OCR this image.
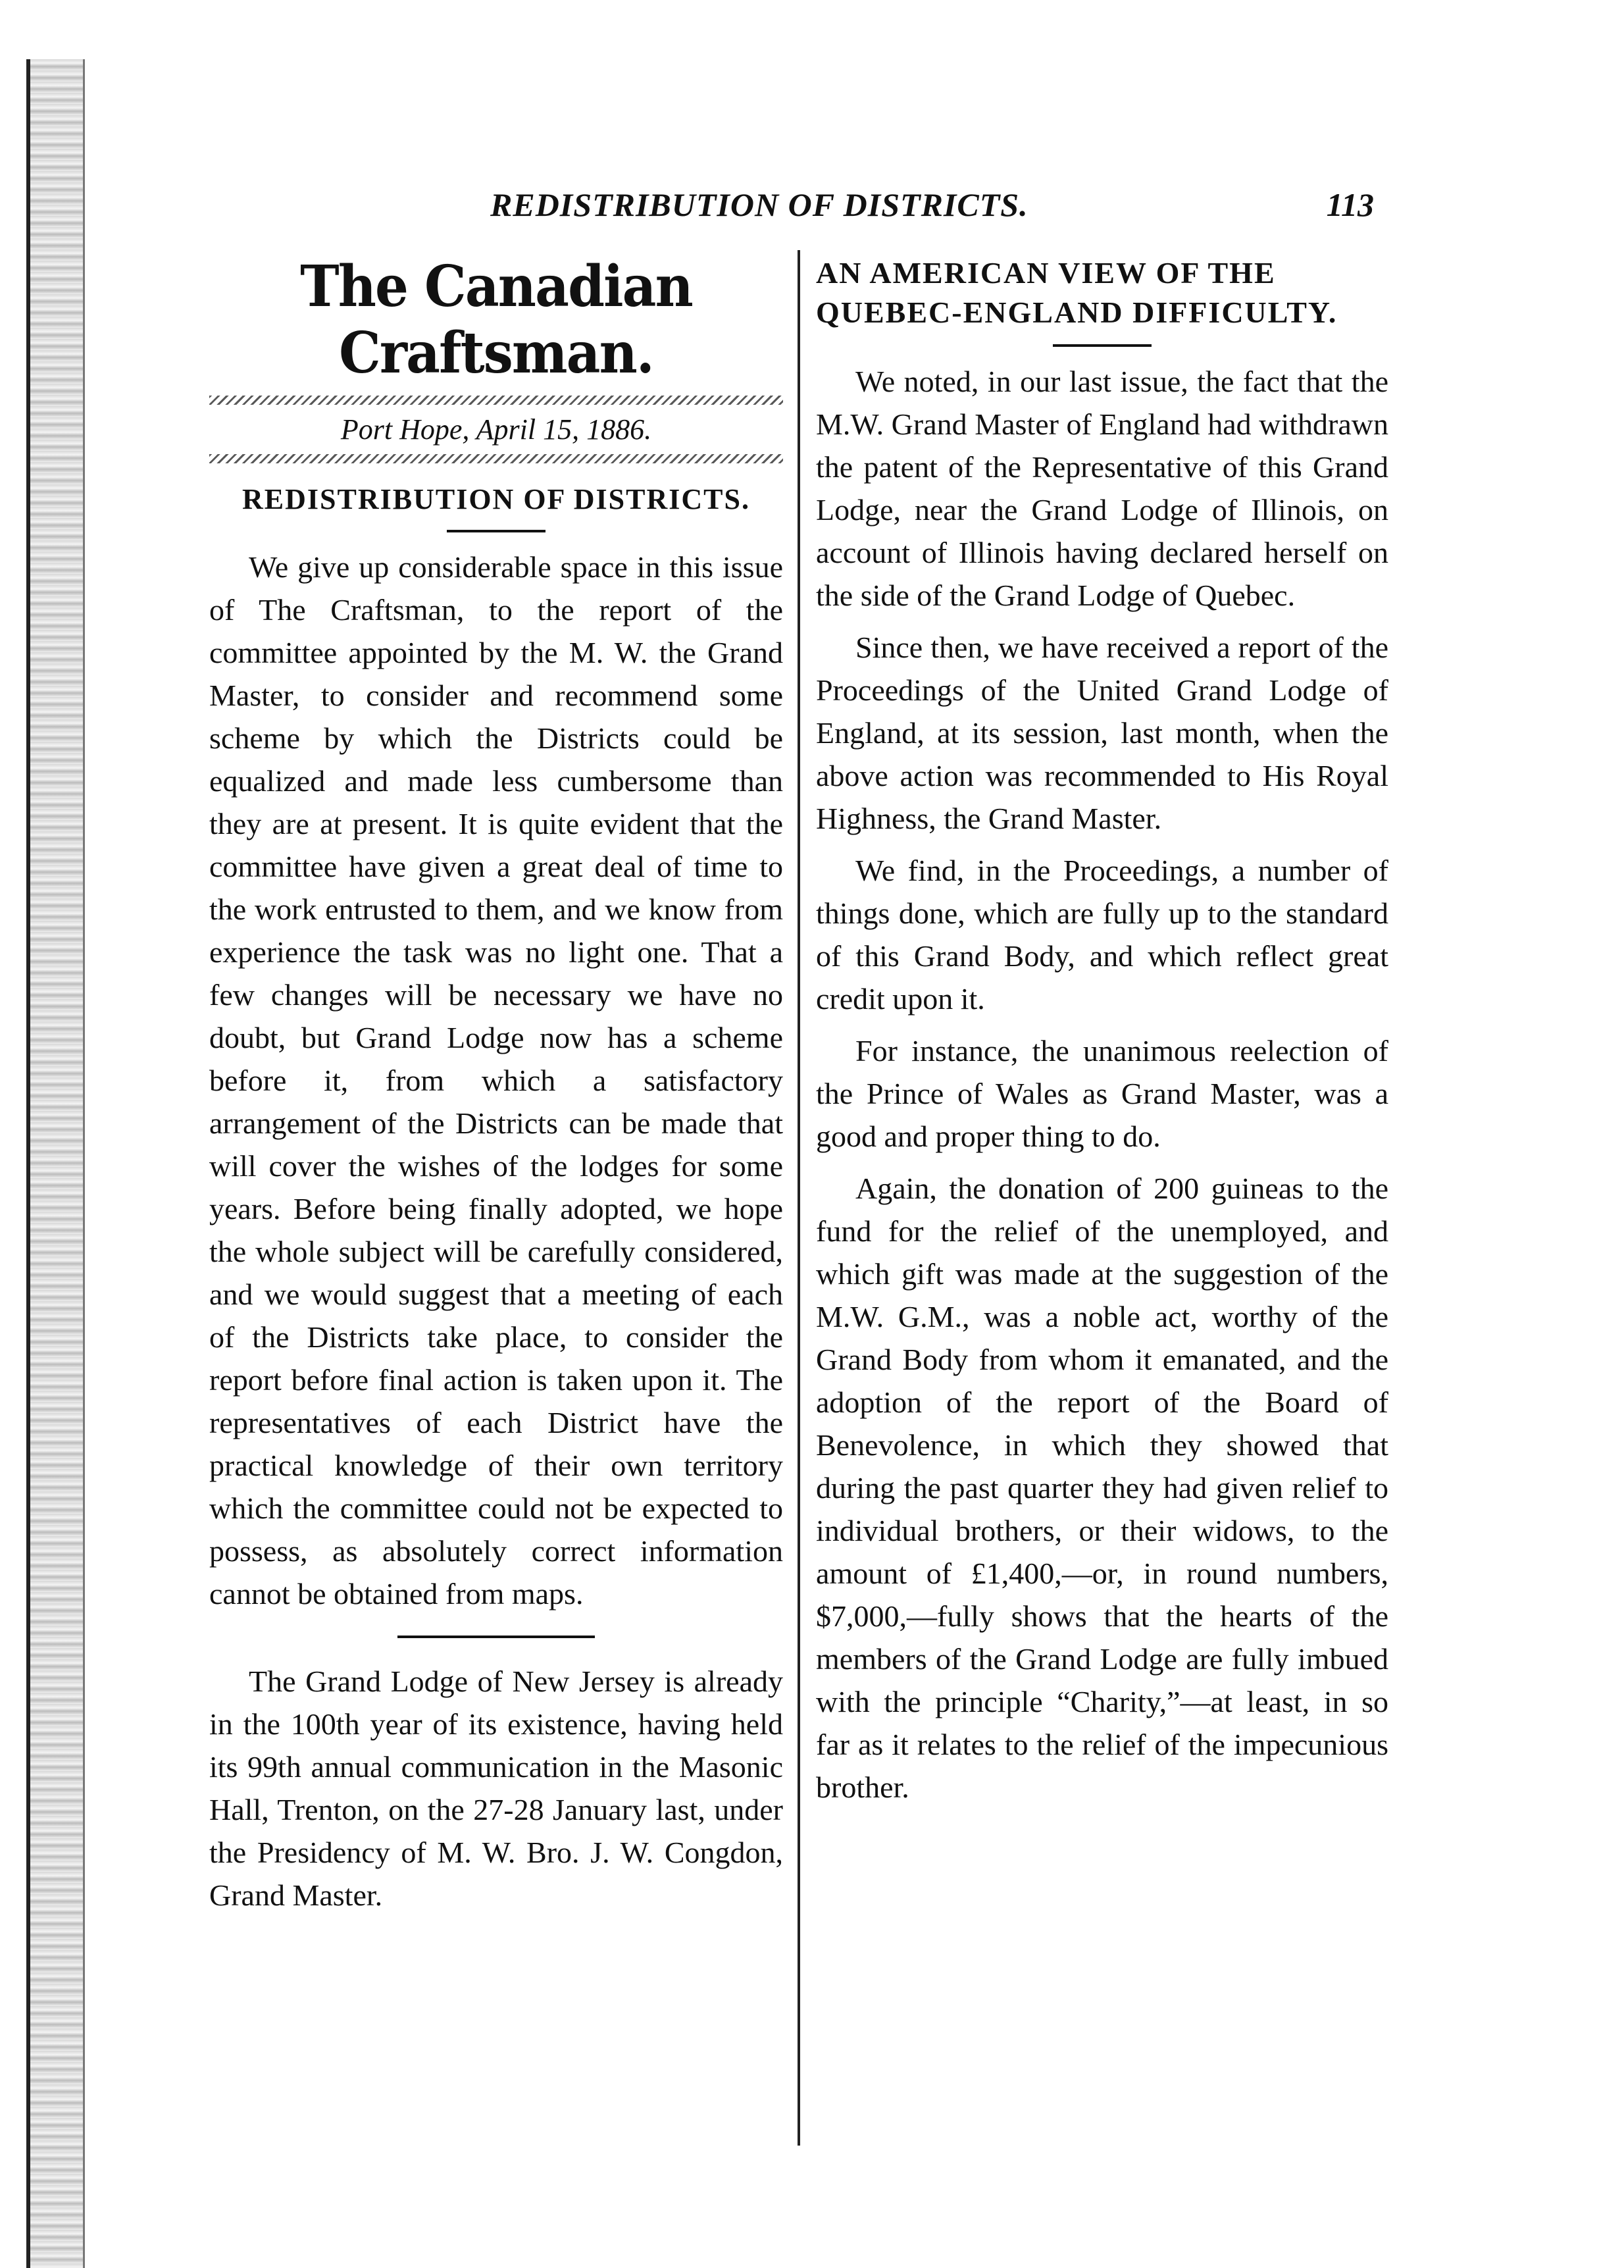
REDISTRIBUTION OF DISTRICTS.	113
The Canadian Craftsman.
Port Hope, April 15, 1886.
REDISTRIBUTION OF DISTRICTS.

We give up considerable space in this issue of The Craftsman, to the report of the committee appointed by the M. W. the Grand Master, to consider and recommend some scheme by which the Districts could be equalized and made less cumbersome than they are at present. It is quite evident that the committee have given a great deal of time to the work entrusted to them, and we know from experience the task was no light one. That a few changes will be necessary we have no doubt, but Grand Lodge now has a scheme before it, from which a satisfactory arrangement of the Districts can be made that will cover the wishes of the lodges for some years. Before being finally adopted, we hope the whole subject will be carefully considered, and we would suggest that a meeting of each of the Districts take place, to consider the report before final action is taken upon it. The representatives of each District have the practical knowledge of their own territory which the committee could not be expected to possess, as absolutely correct information cannot be obtained from maps.

The Grand Lodge of New Jersey is already in the 100th year of its existence, having held its 99th annual communication in the Masonic Hall, Trenton, on the 27-28 January last, under the Presidency of M. W. Bro. J. W. Congdon, Grand Master.

AN AMERICAN VIEW OF THE QUEBEC-ENGLAND DIFFICULTY.

We noted, in our last issue, the fact that the M.W. Grand Master of England had withdrawn the patent of the Representative of this Grand Lodge, near the Grand Lodge of Illinois, on account of Illinois having declared herself on the side of the Grand Lodge of Quebec.

Since then, we have received a report of the Proceedings of the United Grand Lodge of England, at its session, last month, when the above action was recommended to His Royal Highness, the Grand Master.

We find, in the Proceedings, a number of things done, which are fully up to the standard of this Grand Body, and which reflect great credit upon it.

For instance, the unanimous reelection of the Prince of Wales as Grand Master, was a good and proper thing to do.

Again, the donation of 200 guineas to the fund for the relief of the unemployed, and which gift was made at the suggestion of the M.W. G.M., was a noble act, worthy of the Grand Body from whom it emanated, and the adoption of the report of the Board of Benevolence, in which they showed that during the past quarter they had given relief to individual brothers, or their widows, to the amount of £1,400,—or, in round numbers, $7,000,—fully shows that the hearts of the members of the Grand Lodge are fully imbued with the principle “Charity,”—at least, in so far as it relates to the relief of the impecunious brother.
